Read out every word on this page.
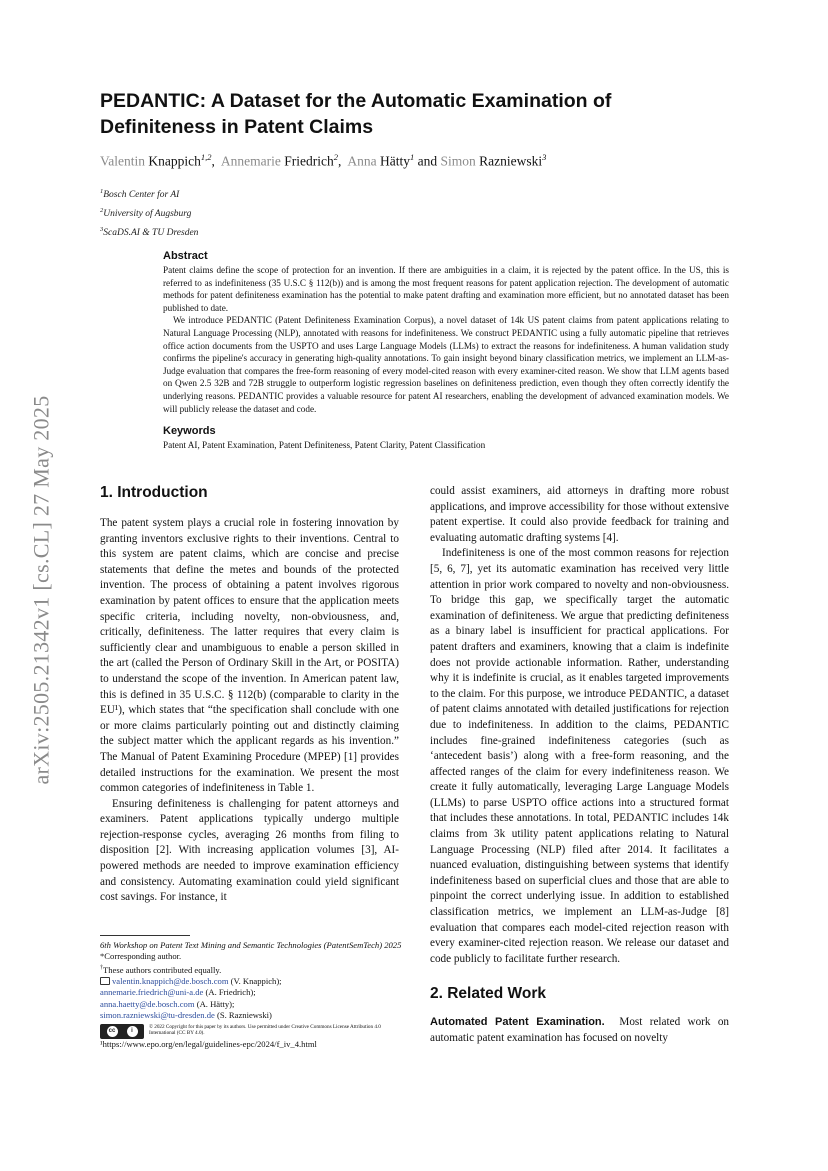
arXiv:2505.21342v1 [cs.CL] 27 May 2025
PEDANTIC: A Dataset for the Automatic Examination of Definiteness in Patent Claims
Valentin Knappich$^{1,2}$,  Annemarie Friedrich$^2$,  Anna Hätty$^1$ and Simon Razniewski$^3$
$^1$Bosch Center for AI
$^2$University of Augsburg
$^3$ScaDS.AI & TU Dresden
Abstract

Patent claims define the scope of protection for an invention. If there are ambiguities in a claim, it is rejected by the patent office. In the US, this is referred to as indefiniteness (35 U.S.C § 112(b)) and is among the most frequent reasons for patent application rejection. The development of automatic methods for patent definiteness examination has the potential to make patent drafting and examination more efficient, but no annotated dataset has been published to date.

We introduce PEDANTIC (Patent Definiteness Examination Corpus), a novel dataset of 14k US patent claims from patent applications relating to Natural Language Processing (NLP), annotated with reasons for indefiniteness. We construct PEDANTIC using a fully automatic pipeline that retrieves office action documents from the USPTO and uses Large Language Models (LLMs) to extract the reasons for indefiniteness. A human validation study confirms the pipeline's accuracy in generating high-quality annotations. To gain insight beyond binary classification metrics, we implement an LLM-as-Judge evaluation that compares the free-form reasoning of every model-cited reason with every examiner-cited reason. We show that LLM agents based on Qwen 2.5 32B and 72B struggle to outperform logistic regression baselines on definiteness prediction, even though they often correctly identify the underlying reasons. PEDANTIC provides a valuable resource for patent AI researchers, enabling the development of advanced examination models. We will publicly release the dataset and code.

Keywords
Patent AI, Patent Examination, Patent Definiteness, Patent Clarity, Patent Classification
1. Introduction

The patent system plays a crucial role in fostering innovation by granting inventors exclusive rights to their inventions. Central to this system are patent claims, which are concise and precise statements that define the metes and bounds of the protected invention. The process of obtaining a patent involves rigorous examination by patent offices to ensure that the application meets specific criteria, including novelty, non-obviousness, and, critically, definiteness. The latter requires that every claim is sufficiently clear and unambiguous to enable a person skilled in the art (called the Person of Ordinary Skill in the Art, or POSITA) to understand the scope of the invention. In American patent law, this is defined in 35 U.S.C. § 112(b) (comparable to clarity in the EU¹), which states that “the specification shall conclude with one or more claims particularly pointing out and distinctly claiming the subject matter which the applicant regards as his invention.” The Manual of Patent Examining Procedure (MPEP) [1] provides detailed instructions for the examination. We present the most common categories of indefiniteness in Table 1.

Ensuring definiteness is challenging for patent attorneys and examiners. Patent applications typically undergo multiple rejection-response cycles, averaging 26 months from filing to disposition [2]. With increasing application volumes [3], AI-powered methods are needed to improve examination efficiency and consistency. Automating examination could yield significant cost savings. For instance, it

could assist examiners, aid attorneys in drafting more robust applications, and improve accessibility for those without extensive patent expertise. It could also provide feedback for training and evaluating automatic drafting systems [4].

Indefiniteness is one of the most common reasons for rejection [5, 6, 7], yet its automatic examination has received very little attention in prior work compared to novelty and non-obviousness. To bridge this gap, we specifically target the automatic examination of definiteness. We argue that predicting definiteness as a binary label is insufficient for practical applications. For patent drafters and examiners, knowing that a claim is indefinite does not provide actionable information. Rather, understanding why it is indefinite is crucial, as it enables targeted improvements to the claim. For this purpose, we introduce PEDANTIC, a dataset of patent claims annotated with detailed justifications for rejection due to indefiniteness. In addition to the claims, PEDANTIC includes fine-grained indefiniteness categories (such as ‘antecedent basis’) along with a free-form reasoning, and the affected ranges of the claim for every indefiniteness reason. We create it fully automatically, leveraging Large Language Models (LLMs) to parse USPTO office actions into a structured format that includes these annotations. In total, PEDANTIC includes 14k claims from 3k utility patent applications relating to Natural Language Processing (NLP) filed after 2014. It facilitates a nuanced evaluation, distinguishing between systems that identify indefiniteness based on superficial clues and those that are able to pinpoint the correct underlying issue. In addition to established classification metrics, we implement an LLM-as-Judge [8] evaluation that compares each model-cited rejection reason with every examiner-cited rejection reason. We release our dataset and code publicly to facilitate further research.

2. Related Work

Automated Patent Examination. Most related work on automatic patent examination has focused on novelty

6th Workshop on Patent Text Mining and Semantic Technologies (PatentSemTech) 2025
*Corresponding author.
†These authors contributed equally.
valentin.knappich@de.bosch.com (V. Knappich);
annemarie.friedrich@uni-a.de (A. Friedrich);
anna.haetty@de.bosch.com (A. Hätty);
simon.razniewski@tu-dresden.de (S. Razniewski)
cc	i
© 2022 Copyright for this paper by its authors. Use permitted under Creative Commons License Attribution 4.0 International (CC BY 4.0).
¹https://www.epo.org/en/legal/guidelines-epc/2024/f_iv_4.html
